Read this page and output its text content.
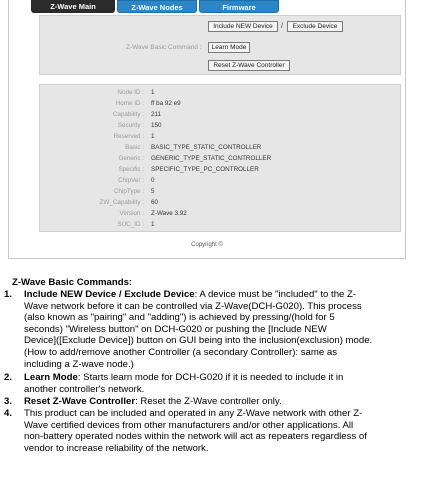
Z-Wave Main	Z-Wave Nodes	Firmware
Include NEW Device	/	Exclude Device
Z-Wave Basic Command :	Learn Mode
Reset Z-Wave Controller
Node ID : 1
Home ID : ff ba 92 e9
Capability : 211
Security : 150
Reserved : 1
Basic : BASIC_TYPE_STATIC_CONTROLLER
Generic : GENERIC_TYPE_STATIC_CONTROLLER
Specific : SPECIFIC_TYPE_PC_CONTROLLER
ChipVer : 0
ChipType : 5
ZW_Capability : 60
Version : Z-Wave 3.92
SUC_ID : 1
Copyright ©
Z-Wave Basic Commands:
1. Include NEW Device / Exclude Device: A device must be "included" to the Z-
Wave network before it can be controlled via Z-Wave(DCH-G020). This process
(also known as "pairing" and "adding") is achieved by pressing/(hold for 5
seconds) "Wireless button" on DCH-G020 or pushing the [Include NEW
Device]([Exclude Device]) button on GUI being into the inclusion(exclusion) mode.
(How to add/remove another Controller (a secondary Controller): same as
including a Z-wave node.)
2. Learn Mode: Starts learn mode for DCH-G020 if it is needed to include it in
another controller's network.
3. Reset Z-Wave Controller: Reset the Z-Wave controller only.
4. This product can be included and operated in any Z-Wave network with other Z-
Wave certified devices from other manufacturers and/or other applications. All
non-battery operated nodes within the network will act as repeaters regardless of
vendor to increase reliability of the network.
